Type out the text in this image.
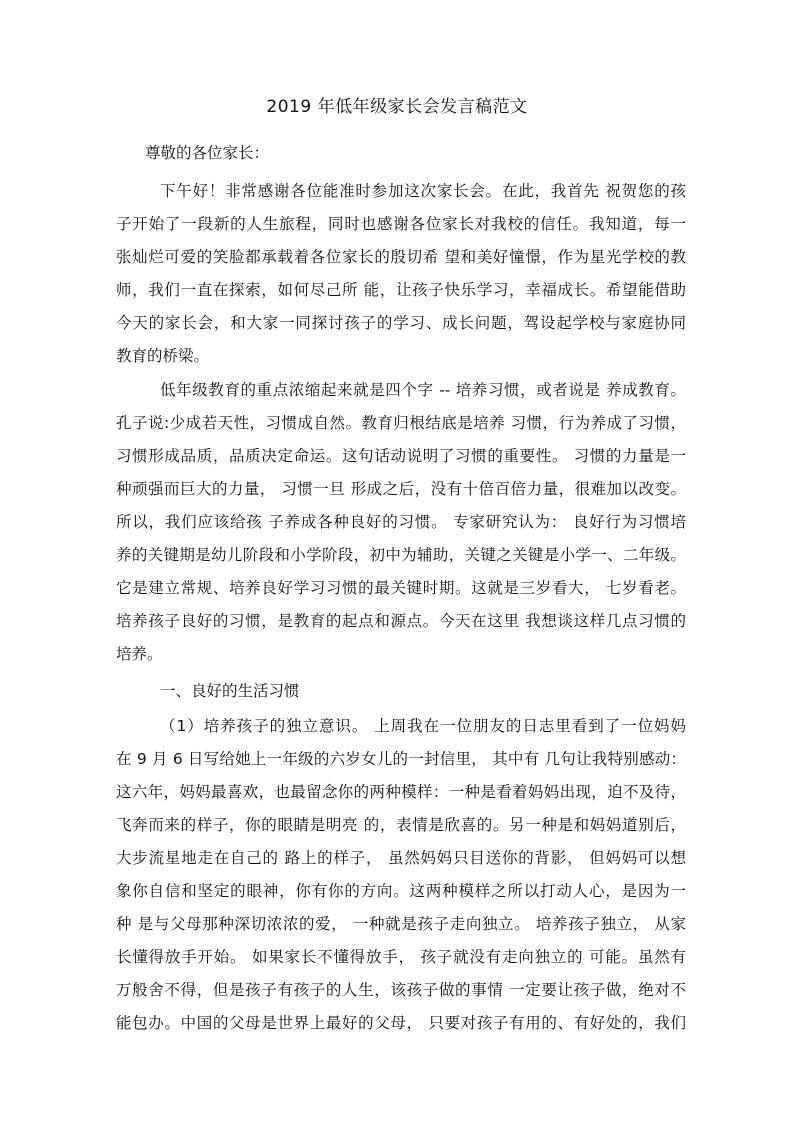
2019 年低年级家长会发言稿范文
尊敬的各位家长：
下午好！非常感谢各位能准时参加这次家长会。在此，我首先 祝贺您的孩
子开始了一段新的人生旅程，同时也感谢各位家长对我校的信任。我知道，每一
张灿烂可爱的笑脸都承载着各位家长的殷切希 望和美好憧憬，作为星光学校的教
师，我们一直在探索，如何尽己所 能，让孩子快乐学习，幸福成长。希望能借助
今天的家长会，和大家一同探讨孩子的学习、成长问题，驾设起学校与家庭协同
教育的桥梁。
低年级教育的重点浓缩起来就是四个字 -- 培养习惯，或者说是 养成教育。
孔子说:少成若天性，习惯成自然。教育归根结底是培养 习惯，行为养成了习惯，
习惯形成品质，品质决定命运。这句话动说明了习惯的重要性。 习惯的力量是一
种顽强而巨大的力量， 习惯一旦 形成之后，没有十倍百倍力量，很难加以改变。
所以，我们应该给孩 子养成各种良好的习惯。 专家研究认为： 良好行为习惯培
养的关键期是幼儿阶段和小学阶段，初中为辅助，关键之关键是小学一、二年级。
它是建立常规、培养良好学习习惯的最关键时期。这就是三岁看大， 七岁看老。
培养孩子良好的习惯，是教育的起点和源点。今天在这里 我想谈这样几点习惯的
培养。
一、良好的生活习惯
（1）培养孩子的独立意识。 上周我在一位朋友的日志里看到了一位妈妈
在 9 月 6 日写给她上一年级的六岁女儿的一封信里， 其中有 几句让我特别感动：
这六年，妈妈最喜欢，也最留念你的两种模样：一种是看着妈妈出现，迫不及待，
飞奔而来的样子，你的眼睛是明亮 的，表情是欣喜的。另一种是和妈妈道别后，
大步流星地走在自己的 路上的样子， 虽然妈妈只目送你的背影， 但妈妈可以想
象你自信和坚定的眼神，你有你的方向。这两种模样之所以打动人心，是因为一
种 是与父母那种深切浓浓的爱， 一种就是孩子走向独立。 培养孩子独立， 从家
长懂得放手开始。 如果家长不懂得放手， 孩子就没有走向独立的 可能。虽然有
万般舍不得，但是孩子有孩子的人生，该孩子做的事情 一定要让孩子做，绝对不
能包办。中国的父母是世界上最好的父母， 只要对孩子有用的、有好处的，我们
